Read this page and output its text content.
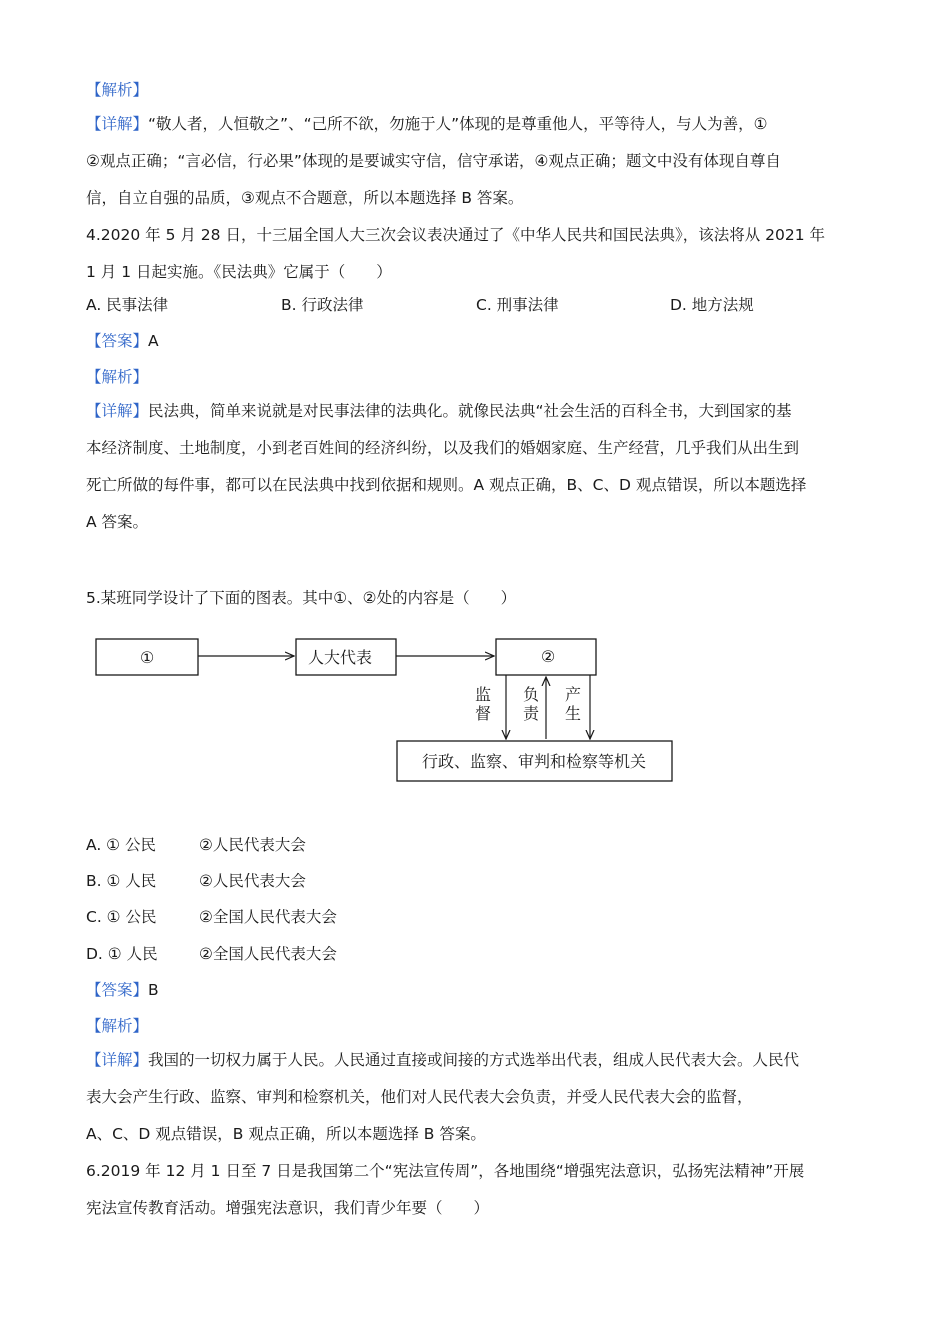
【解析】
【详解】“敬人者，人恒敬之”、“己所不欲，勿施于人”体现的是尊重他人，平等待人，与人为善，①
②观点正确；“言必信，行必果”体现的是要诚实守信，信守承诺，④观点正确；题文中没有体现自尊自
信，自立自强的品质，③观点不合题意，所以本题选择 B 答案。
4.2020 年 5 月 28 日，十三届全国人大三次会议表决通过了《中华人民共和国民法典》，该法将从 2021 年
1 月 1 日起实施。《民法典》它属于（　　）
A. 民事法律	B. 行政法律	C. 刑事法律	D. 地方法规
【答案】A
【解析】
【详解】民法典，简单来说就是对民事法律的法典化。就像民法典“社会生活的百科全书，大到国家的基
本经济制度、土地制度，小到老百姓间的经济纠纷，以及我们的婚姻家庭、生产经营，几乎我们从出生到
死亡所做的每件事，都可以在民法典中找到依据和规则。A 观点正确，B、C、D 观点错误，所以本题选择
A 答案。
5.某班同学设计了下面的图表。其中①、②处的内容是（　　）
①	人大代表	②
监
督
负
责
产
生
行政、监察、审判和检察等机关
A. ① 公民	②人民代表大会
B. ① 人民	②人民代表大会
C. ① 公民	②全国人民代表大会
D. ① 人民	②全国人民代表大会
【答案】B
【解析】
【详解】我国的一切权力属于人民。人民通过直接或间接的方式选举出代表，组成人民代表大会。人民代
表大会产生行政、监察、审判和检察机关，他们对人民代表大会负责，并受人民代表大会的监督，
A、C、D 观点错误，B 观点正确，所以本题选择 B 答案。
6.2019 年 12 月 1 日至 7 日是我国第二个“宪法宣传周”，各地围绕“增强宪法意识，弘扬宪法精神”开展
宪法宣传教育活动。增强宪法意识，我们青少年要（　　）
